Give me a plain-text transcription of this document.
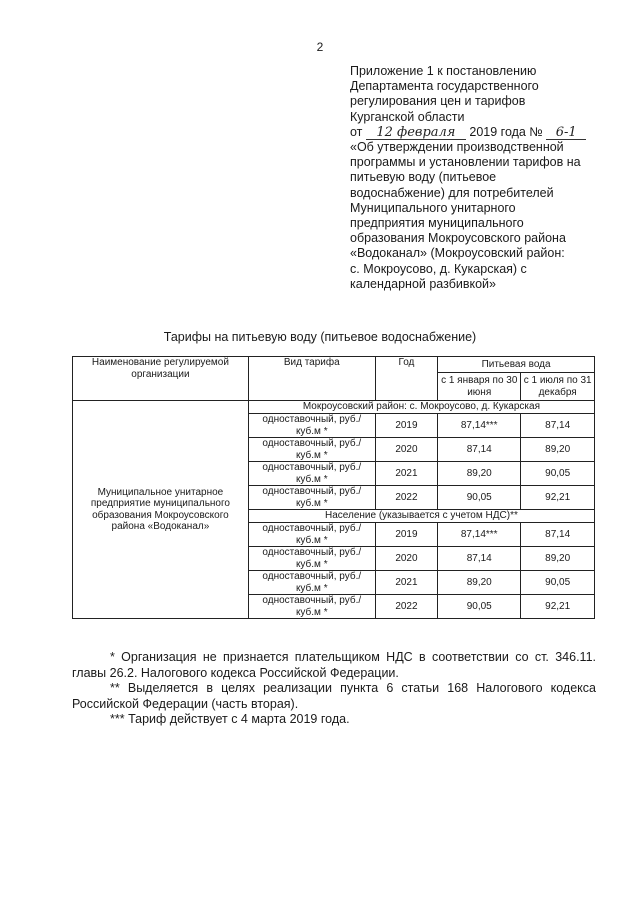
2
Приложение 1 к постановлению
Департамента государственного
регулирования цен и тарифов
Курганской области
от 12 февраля 2019 года № 6-1
«Об утверждении производственной
программы и установлении тарифов на
питьевую воду (питьевое
водоснабжение) для потребителей
Муниципального унитарного
предприятия муниципального
образования Мокроусовского района
«Водоканал» (Мокроусовский район:
с. Мокроусово, д. Кукарская) с
календарной разбивкой»
Тарифы на питьевую воду (питьевое водоснабжение)
Наименование регулируемой организации	Вид тарифа	Год	Питьевая вода	
			с 1 января по 30 июня	с 1 июля по 31 декабря
Муниципальное унитарное предприятие муниципального образования Мокроусовского района «Водоканал»	Мокроусовский район: с. Мокроусово, д. Кукарская			
	одноставочный, руб./куб.м *	2019	87,14***	87,14
	одноставочный, руб./куб.м *	2020	87,14	89,20
	одноставочный, руб./куб.м *	2021	89,20	90,05
	одноставочный, руб./куб.м *	2022	90,05	92,21
	Население (указывается с учетом НДС)**			
	одноставочный, руб./куб.м *	2019	87,14***	87,14
	одноставочный, руб./куб.м *	2020	87,14	89,20
	одноставочный, руб./куб.м *	2021	89,20	90,05
	одноставочный, руб./куб.м *	2022	90,05	92,21

* Организация не признается плательщиком НДС в соответствии со ст. 346.11. главы 26.2. Налогового кодекса Российской Федерации.

** Выделяется в целях реализации пункта 6 статьи 168 Налогового кодекса Российской Федерации (часть вторая).

*** Тариф действует с 4 марта 2019 года.
